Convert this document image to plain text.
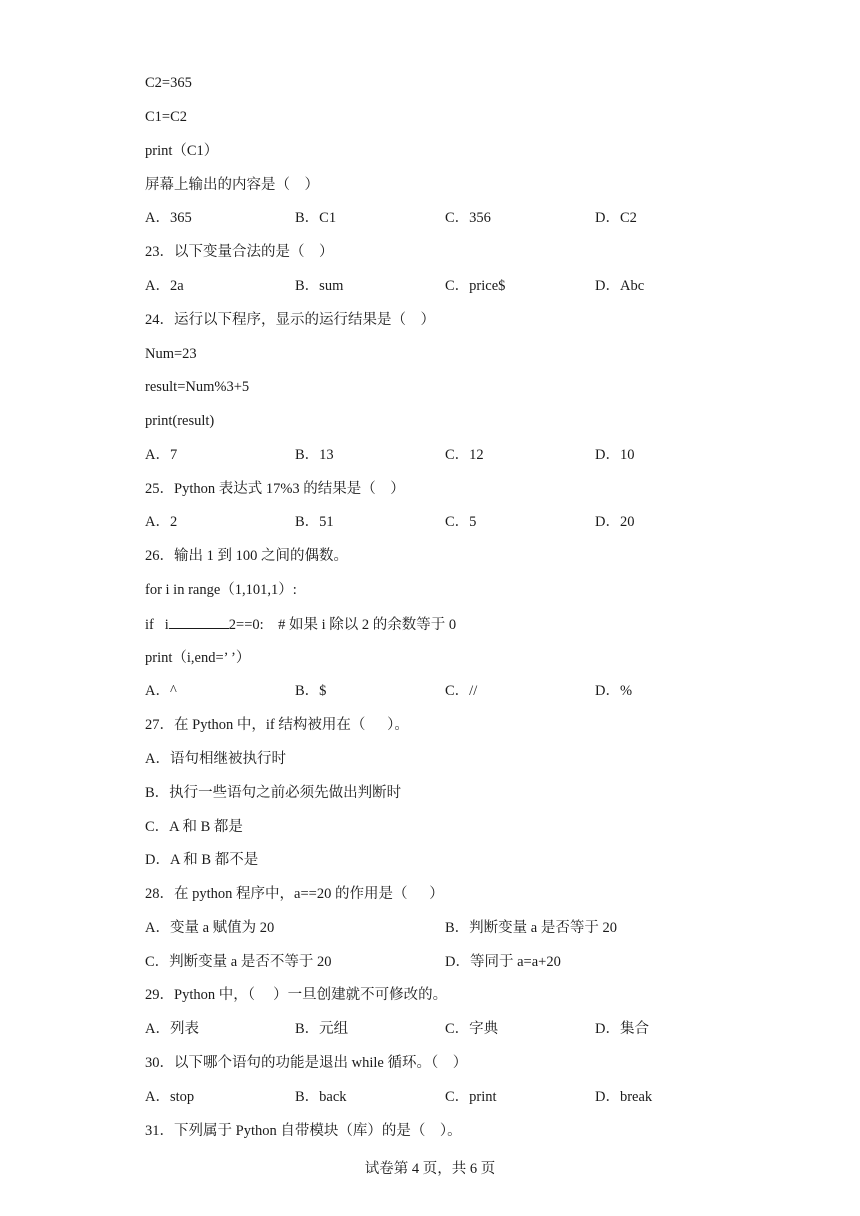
C2=365
C1=C2
print（C1）
屏幕上输出的内容是（    ）
A．365	B．C1	C．356	D．C2
23．以下变量合法的是（    ）
A．2a	B．sum	C．price$	D．Abc
24．运行以下程序，显示的运行结果是（    ）
Num=23
result=Num%3+5
print(result)
A．7	B．13	C．12	D．10
25．Python 表达式 17%3 的结果是（    ）
A．2	B．51	C．5	D．20
26．输出 1 到 100 之间的偶数。
for i in range（1,101,1）:
if   i	2==0:    # 如果 i 除以 2 的余数等于 0
print（i,end=’ ’）
A．^	B．$	C．//	D．%
27．在 Python 中，if 结构被用在（      ）。
A．语句相继被执行时
B．执行一些语句之前必须先做出判断时
C．A 和 B 都是
D．A 和 B 都不是
28．在 python 程序中，a==20 的作用是（      ）
A．变量 a 赋值为 20	B．判断变量 a 是否等于 20
C．判断变量 a 是否不等于 20	D．等同于 a=a+20
29．Python 中，（     ）一旦创建就不可修改的。
A．列表	B．元组	C．字典	D．集合
30．以下哪个语句的功能是退出 while 循环。（    ）
A．stop	B．back	C．print	D．break
31．下列属于 Python 自带模块（库）的是（    ）。
试卷第 4 页，共 6 页
